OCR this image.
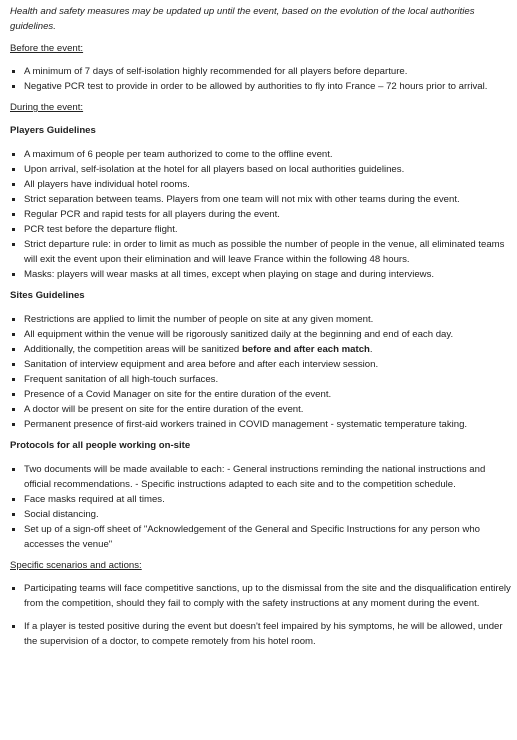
Health and safety measures may be updated up until the event, based on the evolution of the local authorities guidelines.

Before the event:

A minimum of 7 days of self-isolation highly recommended for all players before departure.
Negative PCR test to provide in order to be allowed by authorities to fly into France – 72 hours prior to arrival.

During the event:

Players Guidelines

A maximum of 6 people per team authorized to come to the offline event.
Upon arrival, self-isolation at the hotel for all players based on local authorities guidelines.
All players have individual hotel rooms.
Strict separation between teams. Players from one team will not mix with other teams during the event.
Regular PCR and rapid tests for all players during the event.
PCR test before the departure flight.
Strict departure rule: in order to limit as much as possible the number of people in the venue, all eliminated teams will exit the event upon their elimination and will leave France within the following 48 hours.
Masks: players will wear masks at all times, except when playing on stage and during interviews.

Sites Guidelines

Restrictions are applied to limit the number of people on site at any given moment.
All equipment within the venue will be rigorously sanitized daily at the beginning and end of each day.
Additionally, the competition areas will be sanitized before and after each match.
Sanitation of interview equipment and area before and after each interview session.
Frequent sanitation of all high-touch surfaces.
Presence of a Covid Manager on site for the entire duration of the event.
A doctor will be present on site for the entire duration of the event.
Permanent presence of first-aid workers trained in COVID management - systematic temperature taking.

Protocols for all people working on-site

Two documents will be made available to each: - General instructions reminding the national instructions and official recommendations. - Specific instructions adapted to each site and to the competition schedule.
Face masks required at all times.
Social distancing.
Set up of a sign-off sheet of "Acknowledgement of the General and Specific Instructions for any person who accesses the venue"

Specific scenarios and actions:

Participating teams will face competitive sanctions, up to the dismissal from the site and the disqualification entirely from the competition, should they fail to comply with the safety instructions at any moment during the event.
If a player is tested positive during the event but doesn't feel impaired by his symptoms, he will be allowed, under the supervision of a doctor, to compete remotely from his hotel room.
